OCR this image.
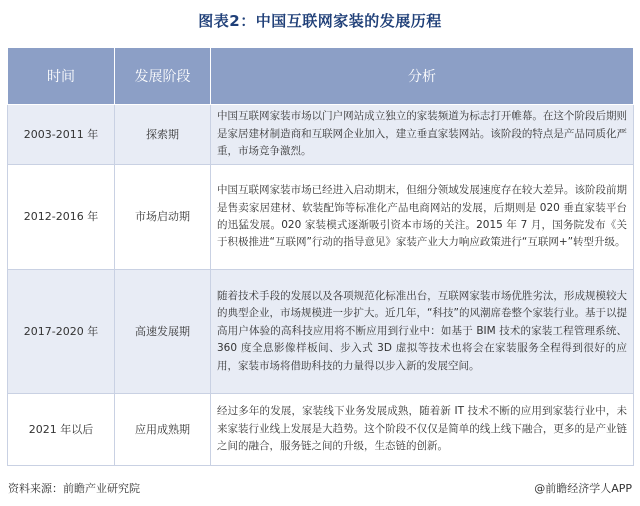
图表2：中国互联网家装的发展历程
时间	发展阶段	分析
2003-2011 年	探索期	中国互联网家装市场以门户网站成立独立的家装频道为标志打开帷幕。在这个阶段后期则是家居建材制造商和互联网企业加入，建立垂直家装网站。该阶段的特点是产品同质化严重，市场竞争激烈。
2012-2016 年	市场启动期	中国互联网家装市场已经进入启动期末，但细分领域发展速度存在较大差异。该阶段前期是售卖家居建材、软装配饰等标准化产品电商网站的发展，后期则是 020 垂直家装平台的迅猛发展。020 家装模式逐渐吸引资本市场的关注。2015 年 7 月，国务院发布《关于积极推进“互联网”行动的指导意见》家装产业大力响应政策进行“互联网+”转型升级。
2017-2020 年	高速发展期	随着技术手段的发展以及各项规范化标准出台，互联网家装市场优胜劣汰，形成规模较大的典型企业，市场规模进一步扩大。近几年，“科技”的风潮席卷整个家装行业。基于以提高用户体验的高科技应用将不断应用到行业中：如基于 BIM 技术的家装工程管理系统、360 度全息影像样板间、步入式 3D 虚拟等技术也将会在家装服务全程得到很好的应用，家装市场将借助科技的力量得以步入新的发展空间。
2021 年以后	应用成熟期	经过多年的发展，家装线下业务发展成熟，随着新 IT 技术不断的应用到家装行业中，未来家装行业线上发展是大趋势。这个阶段不仅仅是简单的线上线下融合，更多的是产业链之间的融合，服务链之间的升级，生态链的创新。
资料来源：前瞻产业研究院	@前瞻经济学人APP
